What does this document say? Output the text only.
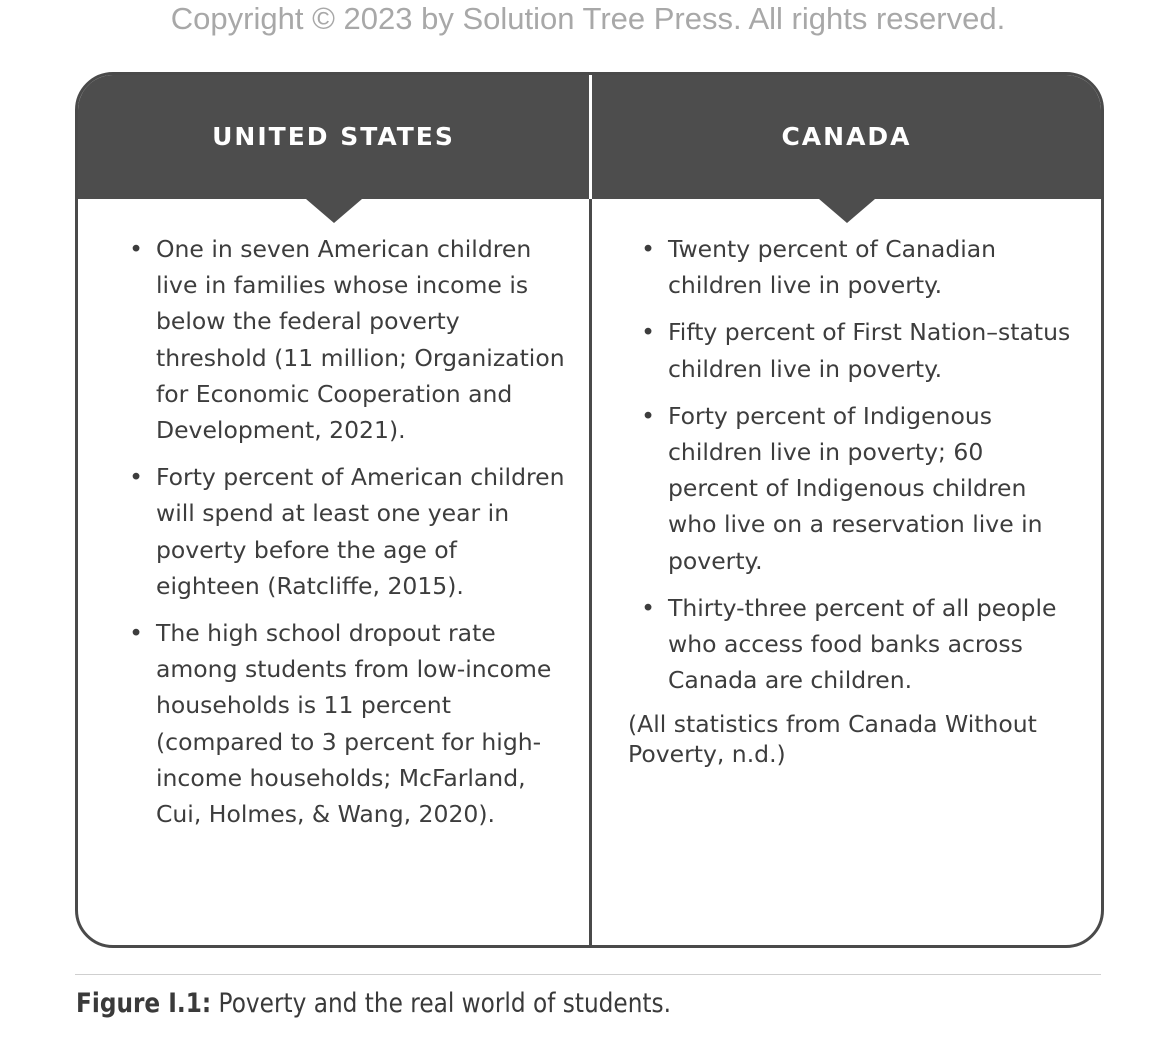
Copyright © 2023 by Solution Tree Press. All rights reserved.
UNITED STATES	CANADA
• One in seven American children live in families whose income is below the federal poverty threshold (11 million; Organization for Economic Cooperation and Development, 2021).
• Forty percent of American children will spend at least one year in poverty before the age of eighteen (Ratcliffe, 2015).
• The high school dropout rate among students from low-income households is 11 percent (compared to 3 percent for high-income households; McFarland, Cui, Holmes, & Wang, 2020).
• Twenty percent of Canadian children live in poverty.
• Fifty percent of First Nation–status children live in poverty.
• Forty percent of Indigenous children live in poverty; 60 percent of Indigenous children who live on a reservation live in poverty.
• Thirty-three percent of all people who access food banks across Canada are children.
(All statistics from Canada Without Poverty, n.d.)
Figure I.1: Poverty and the real world of students.
